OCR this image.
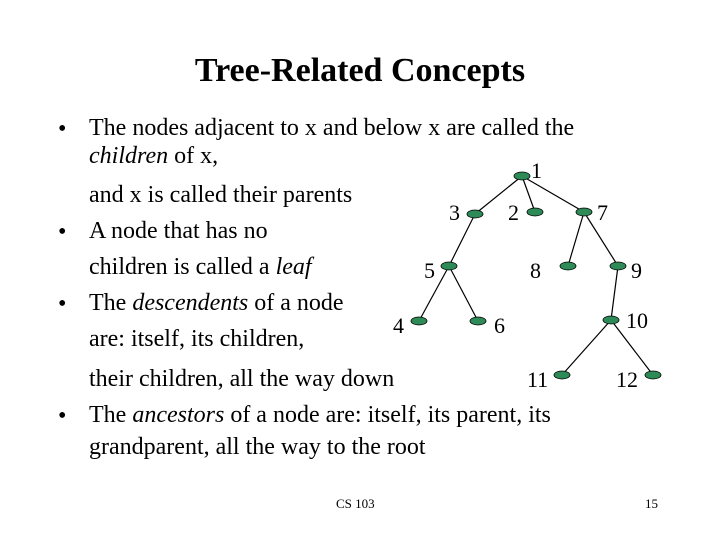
Tree-Related Concepts
• The nodes adjacent to x and below x are called the
children of x,
and x is called their parents
• A node that has no
children is called a leaf
• The descendents of a node
are: itself, its children,
their children, all the way down
• The ancestors of a node are: itself, its parent, its
grandparent, all the way to the root
1
3 2	7
5	8	9
4	6	10
11	12
CS 103	15
